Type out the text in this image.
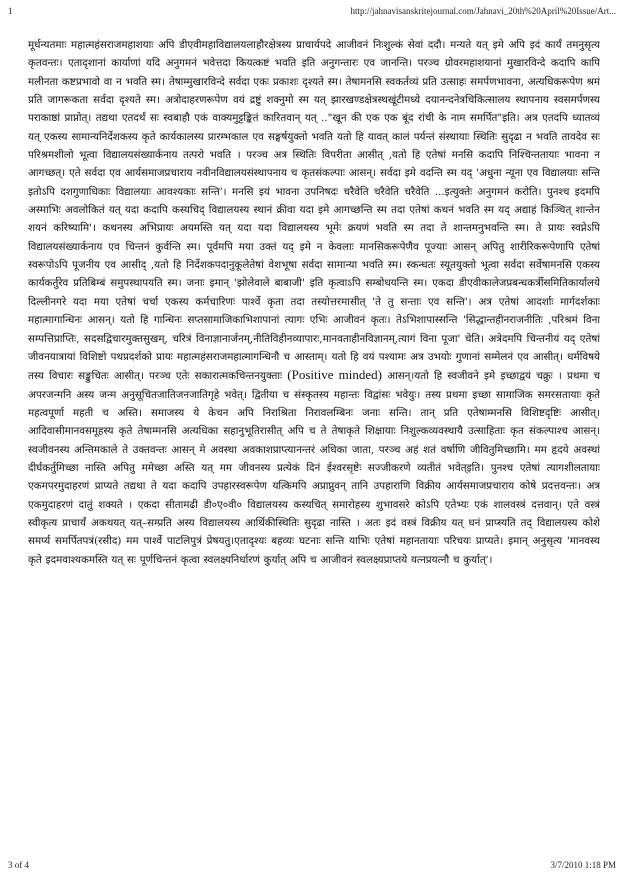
1	http://jahnavisanskritejournal.com/Jahnavi_20th%20April%20Issue/Art...

मूर्धन्यतमाः महात्महंसराजमहाशयाः अपि डीएवीमहाविद्यालयलाहौरक्षेत्रस्य प्राचार्यपदे आजीवनं निःशुल्कं सेवां ददौ। मन्यते यत् इमे अपि इदं कार्यं तमनुसृत्य कृतवन्तः। एतादृशानां कार्याणां यदि अनुगमनं भवेत्तदा कियत्कष्टं भवति इति अनुगन्तारः एव जानन्ति। परञ्च ग्रोवरमहाशयानां मुखारविन्दे कदापि कापि मलीनता कष्टप्रभावो वा न भवति स्म। तेषाम्मुखारविन्दे सर्वदा एकः प्रकाशः दृश्यते स्म। तेषामनसि स्वकर्तव्यं प्रति उत्साहः समर्पणभावना, अत्यधिकरूपेण श्रमं प्रति जागरूकता सर्वदा दृश्यते स्म। अत्रोदाहरणरूपेण वयं द्रष्टुं शक्नुमो स्म यत् झारखण्डक्षेत्रस्थखूंटीमध्ये दयानन्दनेत्रचिकित्सालय स्थापनाय स्वसमर्पणस्य पराकाष्ठां प्राप्नोत्। तद्यथा एतदर्थं सः स्वबाहौ एकं वाक्यमुट्टङ्कितं कारितवान् यत् .."खून की एक एक बूंद रांची के नाम समर्पित"इति। अत्र एतदपि ध्यातव्यं यत् एकस्य सामान्यनिर्देशकस्य कृते कार्यकालस्य प्रारम्भकाल एव सङ्घर्षयुक्तो भवति यतो हि यावत् कालं पर्यन्तं संस्थायाः स्थितिः सुदृढा न भवति तावदेव सः परिश्रमशीलो भूत्वा विद्यालयसंख्यार्कनाय तत्परो भवति । परञ्च अत्र स्थितिः विपरीता आसीत् ,यतो हि एतेषां मनसि कदापि निश्चिन्ततायाः भावना न आगच्छत्। एते सर्वदा एव आर्यसमाजप्रचाराय नवीनविद्यालयसंस्थापनाय च कृतसंकल्पाः आसन्। सर्वदा इमे वदन्ति स्म यद् 'अधुना न्यूना एव विद्यालयाः सन्ति इतोऽपि दशगुणाधिकाः विद्यालयाः आवश्यकाः सन्ति'। मनसि इयं भावना उपनिषदः चरैवेति चरैवेति चरैवेति ...इत्युक्तेः अनुगमनं करोति। पुनश्च इदमपि अस्माभिः अवलोकितं यत् यदा कदापि कस्यचिद् विद्यालयस्य स्थानं क्रीवा यदा इमे आगच्छन्ति स्म तदा एतेषां कथनं भवति स्म यद् अद्याहं किञ्चित् शान्तेन शयनं करिष्यामि'। कथनस्य अभिप्रायः अयमस्ति यत् यदा यदा विद्यालयस्य भूमेः क्रयणं भवति स्म तदा ते शान्तमनुभवन्ति स्म। ते प्रायः स्वप्नेऽपि विद्यालयसंख्यार्कनाय एव चिन्तनं कुर्वन्ति स्म। पूर्वमपि मया उक्तं यद् इमे न केवलाः मानसिकरूपेणैव पूज्याः आसन् अपितु शारीरिकरूपेणापि एतेषां स्वरूपोऽपि पूजनीय एव आसीद् ,यतो हि निर्देशकपदानुकूलेतेषां वेशभूषा सर्वदा सामान्या भवति स्म। स्कन्धतः स्यूतयुक्तो भूत्वा सर्वदा सर्वेषामनसि एकस्य कार्यकर्तुरेव प्रतिबिम्बं समुपस्थापयति स्म। जनाः इमान् 'झोलेवाले बाबाजी' इति कृत्वाऽपि सम्बोधयन्ति स्म। एकदा डीएवीकालेजप्रबन्धकर्त्रीसमितिकार्यालये दिल्लीनगरे यदा मया एतेषां चर्चा एकस्य कर्मचारिणः पार्श्वे कृता तदा तस्योत्तरमासीत् 'ते तु सन्ताः एव सन्ति'। अत्र एतेषां आदर्शाः मार्गदर्शकाः महात्मागान्धिनः आसन्। यतो हि गान्धिनः सप्तसामाजिकाभिशापानां त्यागः एभिः आजीवनं कृतः। तेऽभिशापास्सन्ति 'सिद्धान्तहीनराजनीतिः ,परिश्रमं विना सम्पत्तिप्राप्तिः, सदसद्विचारमुक्तसुखम्, चरित्रं विनाज्ञानार्जनम्,नीतिविहीनव्यापारः,मानवताहीनविज्ञानम्,त्यागं विना पूजा' चेति। अत्रेदमपि चिन्तनीयं यद् एतेषां जीवनयात्रायां विशिष्टो पथप्रदर्शको प्रायः महात्महंसराजमहात्मागन्धिनौ च आस्ताम्। यतो हि वयं पश्यामः अत्र उभयोः गुणानां सम्मेलनं एव आसीत्। धर्मविषये तस्य विचारः सङ्कुचितः आसीत्। परञ्च एतेः सकारात्मकचिन्तनयुक्ताः (Positive minded) आसन्।यतो हि स्वजीवने इमे इच्छाद्वयं चक्रुः । प्रथमा च अपरजन्मनि अस्य जन्म अनुसूचितजातिजनजातिगृहे भवेत्। द्वितीया च संस्कृतस्य महान्तः विद्वांसः भवेयुः। तस्य प्रथमा इच्छा सामाजिक समरसतायाः कृते महत्वपूर्णा महती च अस्ति। समाजस्य ये केचन अपि निराश्रिता निरावलम्बिनः जनाः सन्ति। तान् प्रति एतेषाम्मनसि विशिष्टदृष्टिः आसीत्। आदिवासीमानवसमूहस्य कृते तेषाम्मनसि अत्यधिका सहानुभूतिरासीत् अपि च ते तेषाकृते शिक्षायाः निशुल्कव्यवस्थायै उत्साहिताः कृत संकल्पाश्च आसन्। स्वजीवनस्य अन्तिमकाले ते उक्तवन्तः आसन् मे अवस्था अवकाशप्राप्त्यानन्तरं अधिका जाता, परञ्च अहं शतं वर्षाणि जीवितुमिच्छामि। मम हृदये अवस्थां दीर्घकर्तुमिच्छा नास्ति अपितु ममेच्छा अस्ति यत् मम जीवनस्य प्रत्येकं दिनं ईश्वरसृष्टेः सज्जीकरणे व्यतीतं भवेत्इति। पुनश्च एतेषां त्यागशीलतायाः एकमपरमुदाहरणं प्राप्यते तद्यथा ते यदा कदापि उपहारस्वरूपेण यत्किमपि अप्राप्नुवन् तानि उपहाराणि विक्रीय आर्यसमाजप्रचाराय कोषे प्रदत्तवन्तः। अत्र एकमुदाहरणं दातुं शक्यते । एकदा सीतामढी डी०ए०वी० विद्यालयस्य कस्यचित् समारोहस्य शुभावसरे कोऽपि एतेभ्यः एकं शालवस्त्रं दत्तवान्। एते वस्त्रं स्वीकृत्य प्राचार्यं अकथयत् यत्–सम्प्रति अस्य विद्यालयस्य आर्थिकीस्थितिः सुदृढा नास्ति । अतः इदं वस्त्रं विक्रीय यत् धनं प्राप्स्यति तद् विद्यालयस्य कोशे समर्प्य समर्पितपत्रं(रसीद) मम पार्श्वे पाटलिपुत्रं प्रेषयतु।एतादृश्यः बहव्यः घटनाः सन्ति याभिः एतेषां महानतायाः परिचयः प्राप्यते। इमान् अनुसृत्य 'मानवस्य कृते इदमवाश्यकमस्ति यत् सः पूर्णचिन्तनं कृत्वा स्वलक्ष्यनिर्धारणं कुर्यात् अपि च आजीवनं स्वलक्ष्यप्राप्तये यत्नप्रयत्नौ च कुर्यात्'।

3 of 4	3/7/2010 1:18 PM
